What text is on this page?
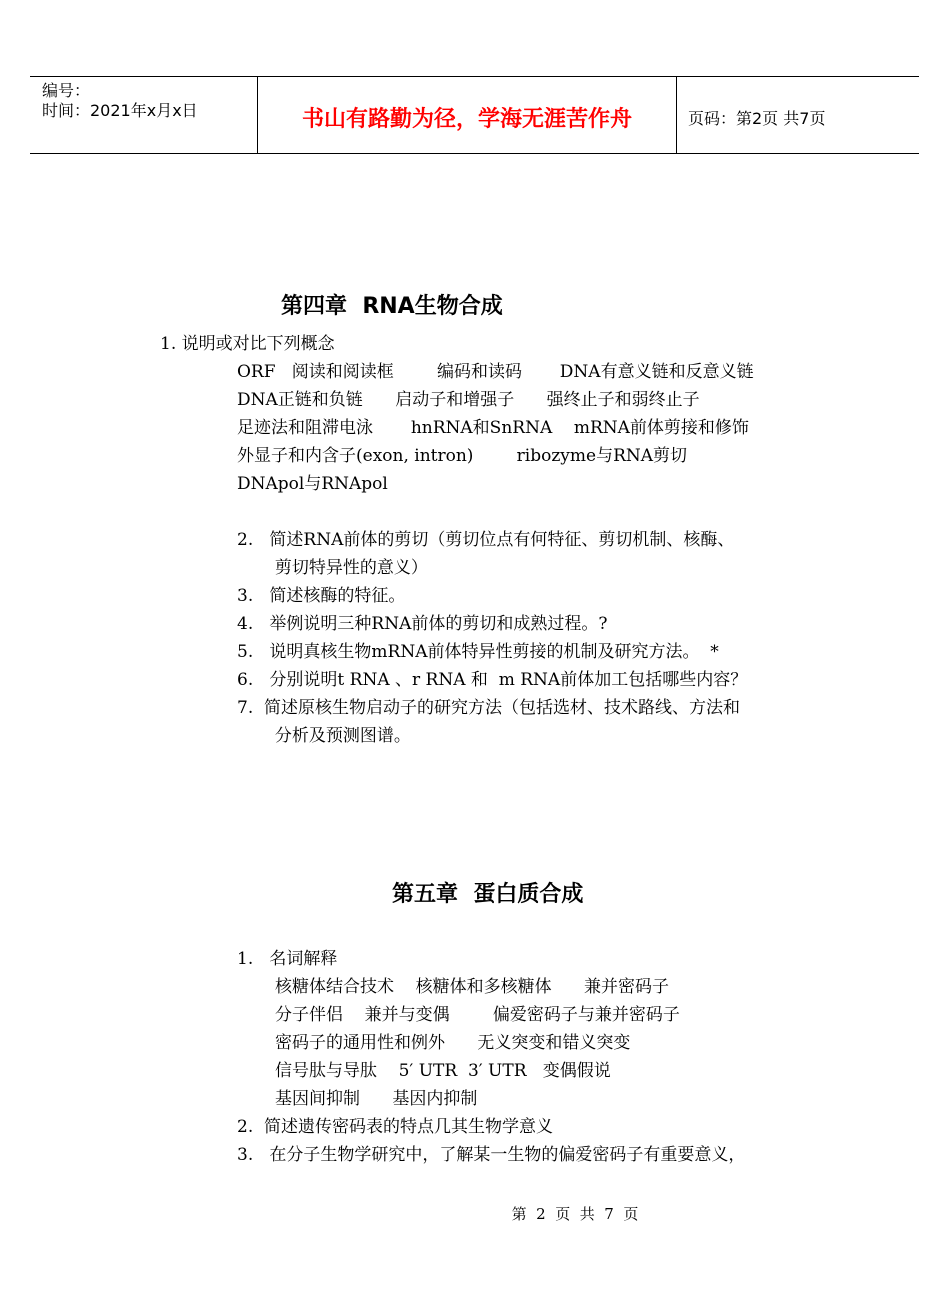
编号：
时间：2021年x月x日	书山有路勤为径，学海无涯苦作舟	页码：第2页 共7页
第四章  RNA生物合成
1. 说明或对比下列概念
ORF   阅读和阅读框        编码和读码       DNA有意义链和反意义链
DNA正链和负链      启动子和增强子      强终止子和弱终止子
足迹法和阻滞电泳       hnRNA和SnRNA    mRNA前体剪接和修饰
外显子和内含子(exon, intron)        ribozyme与RNA剪切
DNApol与RNApol
2.   简述RNA前体的剪切（剪切位点有何特征、剪切机制、核酶、
剪切特异性的意义）
3.   简述核酶的特征。
4.   举例说明三种RNA前体的剪切和成熟过程。?
5.   说明真核生物mRNA前体特异性剪接的机制及研究方法。  *
6.   分别说明t RNA 、r RNA 和  m RNA前体加工包括哪些内容？
7.  简述原核生物启动子的研究方法（包括选材、技术路线、方法和
分析及预测图谱。
第五章  蛋白质合成
1.   名词解释
核糖体结合技术    核糖体和多核糖体      兼并密码子
分子伴侣    兼并与变偶        偏爱密码子与兼并密码子
密码子的通用性和例外      无义突变和错义突变
信号肽与导肽    5′ UTR  3′ UTR   变偶假说
基因间抑制      基因内抑制
2.  简述遗传密码表的特点几其生物学意义
3.   在分子生物学研究中，了解某一生物的偏爱密码子有重要意义，
第  2  页  共  7  页
